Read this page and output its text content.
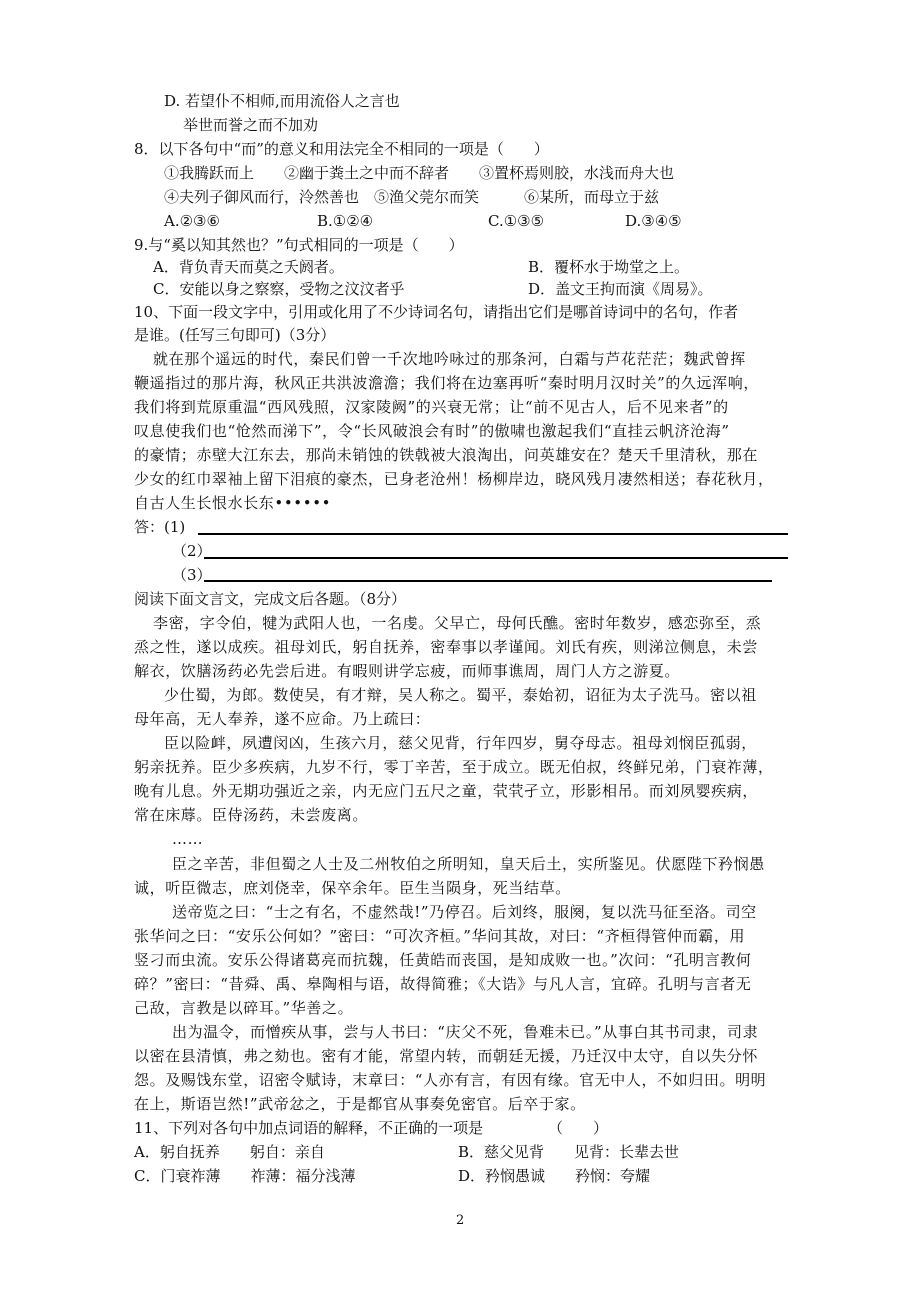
D. 若望仆不相师,而用流俗人之言也
举世而誉之而不加劝
8．以下各句中“而”的意义和用法完全不相同的一项是（　　）
①我腾跃而上　　②幽于粪土之中而不辞者　　③置杯焉则胶，水浅而舟大也
④夫列子御风而行，泠然善也　⑤渔父莞尔而笑　　　⑥某所，而母立于兹
A.②③⑥	B.①②④	C.①③⑤	D.③④⑤
9.与“奚以知其然也？”句式相同的一项是（　　）
A．背负青天而莫之夭阏者。	B．覆杯水于坳堂之上。
C．安能以身之察察，受物之汶汶者乎	D．盖文王拘而演《周易》。
10、下面一段文字中，引用或化用了不少诗词名句，请指出它们是哪首诗词中的名句，作者
是谁。(任写三句即可)（3分）
就在那个遥远的时代，秦民们曾一千次地吟咏过的那条河，白霜与芦花茫茫；魏武曾挥
鞭遥指过的那片海，秋风正共洪波澹澹；我们将在边塞再听“秦时明月汉时关”的久远浑响，
我们将到荒原重温“西风残照，汉家陵阙”的兴衰无常；让“前不见古人，后不见来者”的
叹息使我们也“怆然而涕下”，令“长风破浪会有时”的傲啸也激起我们“直挂云帆济沧海”
的豪情；赤壁大江东去，那尚未销蚀的铁戟被大浪淘出，问英雄安在？楚天千里清秋，那在
少女的红巾翠袖上留下泪痕的豪杰，已身老沧州！杨柳岸边，晓风残月凄然相送；春花秋月，
自古人生长恨水长东••••••
答：(1)
（2）
（3）
阅读下面文言文，完成文后各题。（8分）
李密，字令伯，犍为武阳人也，一名虔。父早亡，母何氏醮。密时年数岁，感恋弥至，烝
烝之性，遂以成疾。祖母刘氏，躬自抚养，密奉事以孝谨闻。刘氏有疾，则涕泣侧息，未尝
解衣，饮膳汤药必先尝后进。有暇则讲学忘疲，而师事谯周，周门人方之游夏。
少仕蜀，为郎。数使吴，有才辩，吴人称之。蜀平，泰始初，诏征为太子洗马。密以祖
母年高，无人奉养，遂不应命。乃上疏曰：
臣以险衅，夙遭闵凶，生孩六月，慈父见背，行年四岁，舅夺母志。祖母刘悯臣孤弱，
躬亲抚养。臣少多疾病，九岁不行，零丁辛苦，至于成立。既无伯叔，终鲜兄弟，门衰祚薄，
晚有儿息。外无期功强近之亲，内无应门五尺之童，茕茕孑立，形影相吊。而刘夙婴疾病，
常在床蓐。臣侍汤药，未尝废离。
……
臣之辛苦，非但蜀之人士及二州牧伯之所明知，皇天后土，实所鉴见。伏愿陛下矜悯愚
诚，听臣微志，庶刘侥幸，保卒余年。臣生当陨身，死当结草。
送帝览之曰：“士之有名，不虚然哉!”乃停召。后刘终，服阕，复以洗马征至洛。司空
张华问之曰：“安乐公何如？”密曰：“可次齐桓。”华问其故，对曰：“齐桓得管仲而霸，用
竖刁而虫流。安乐公得诸葛亮而抗魏，任黄皓而丧国，是知成败一也。”次问：“孔明言教何
碎？”密曰：“昔舜、禹、皋陶相与语，故得简雅；《大诰》与凡人言，宜碎。孔明与言者无
己敌，言教是以碎耳。”华善之。
出为温令，而憎疾从事，尝与人书曰：“庆父不死，鲁难未已。”从事白其书司隶，司隶
以密在县清慎，弗之劾也。密有才能，常望内转，而朝廷无援，乃迁汉中太守，自以失分怀
怨。及赐饯东堂，诏密令赋诗，末章曰：“人亦有言，有因有缘。官无中人，不如归田。明明
在上，斯语岂然!”武帝忿之，于是都官从事奏免密官。后卒于家。
11、下列对各句中加点词语的解释，不正确的一项是	（　　）
A．躬自抚养　　躬自：亲自	B．慈父见背　　见背：长辈去世
C．门衰祚薄　　祚薄：福分浅薄	D．矜悯愚诚　　矜悯：夸耀
2
